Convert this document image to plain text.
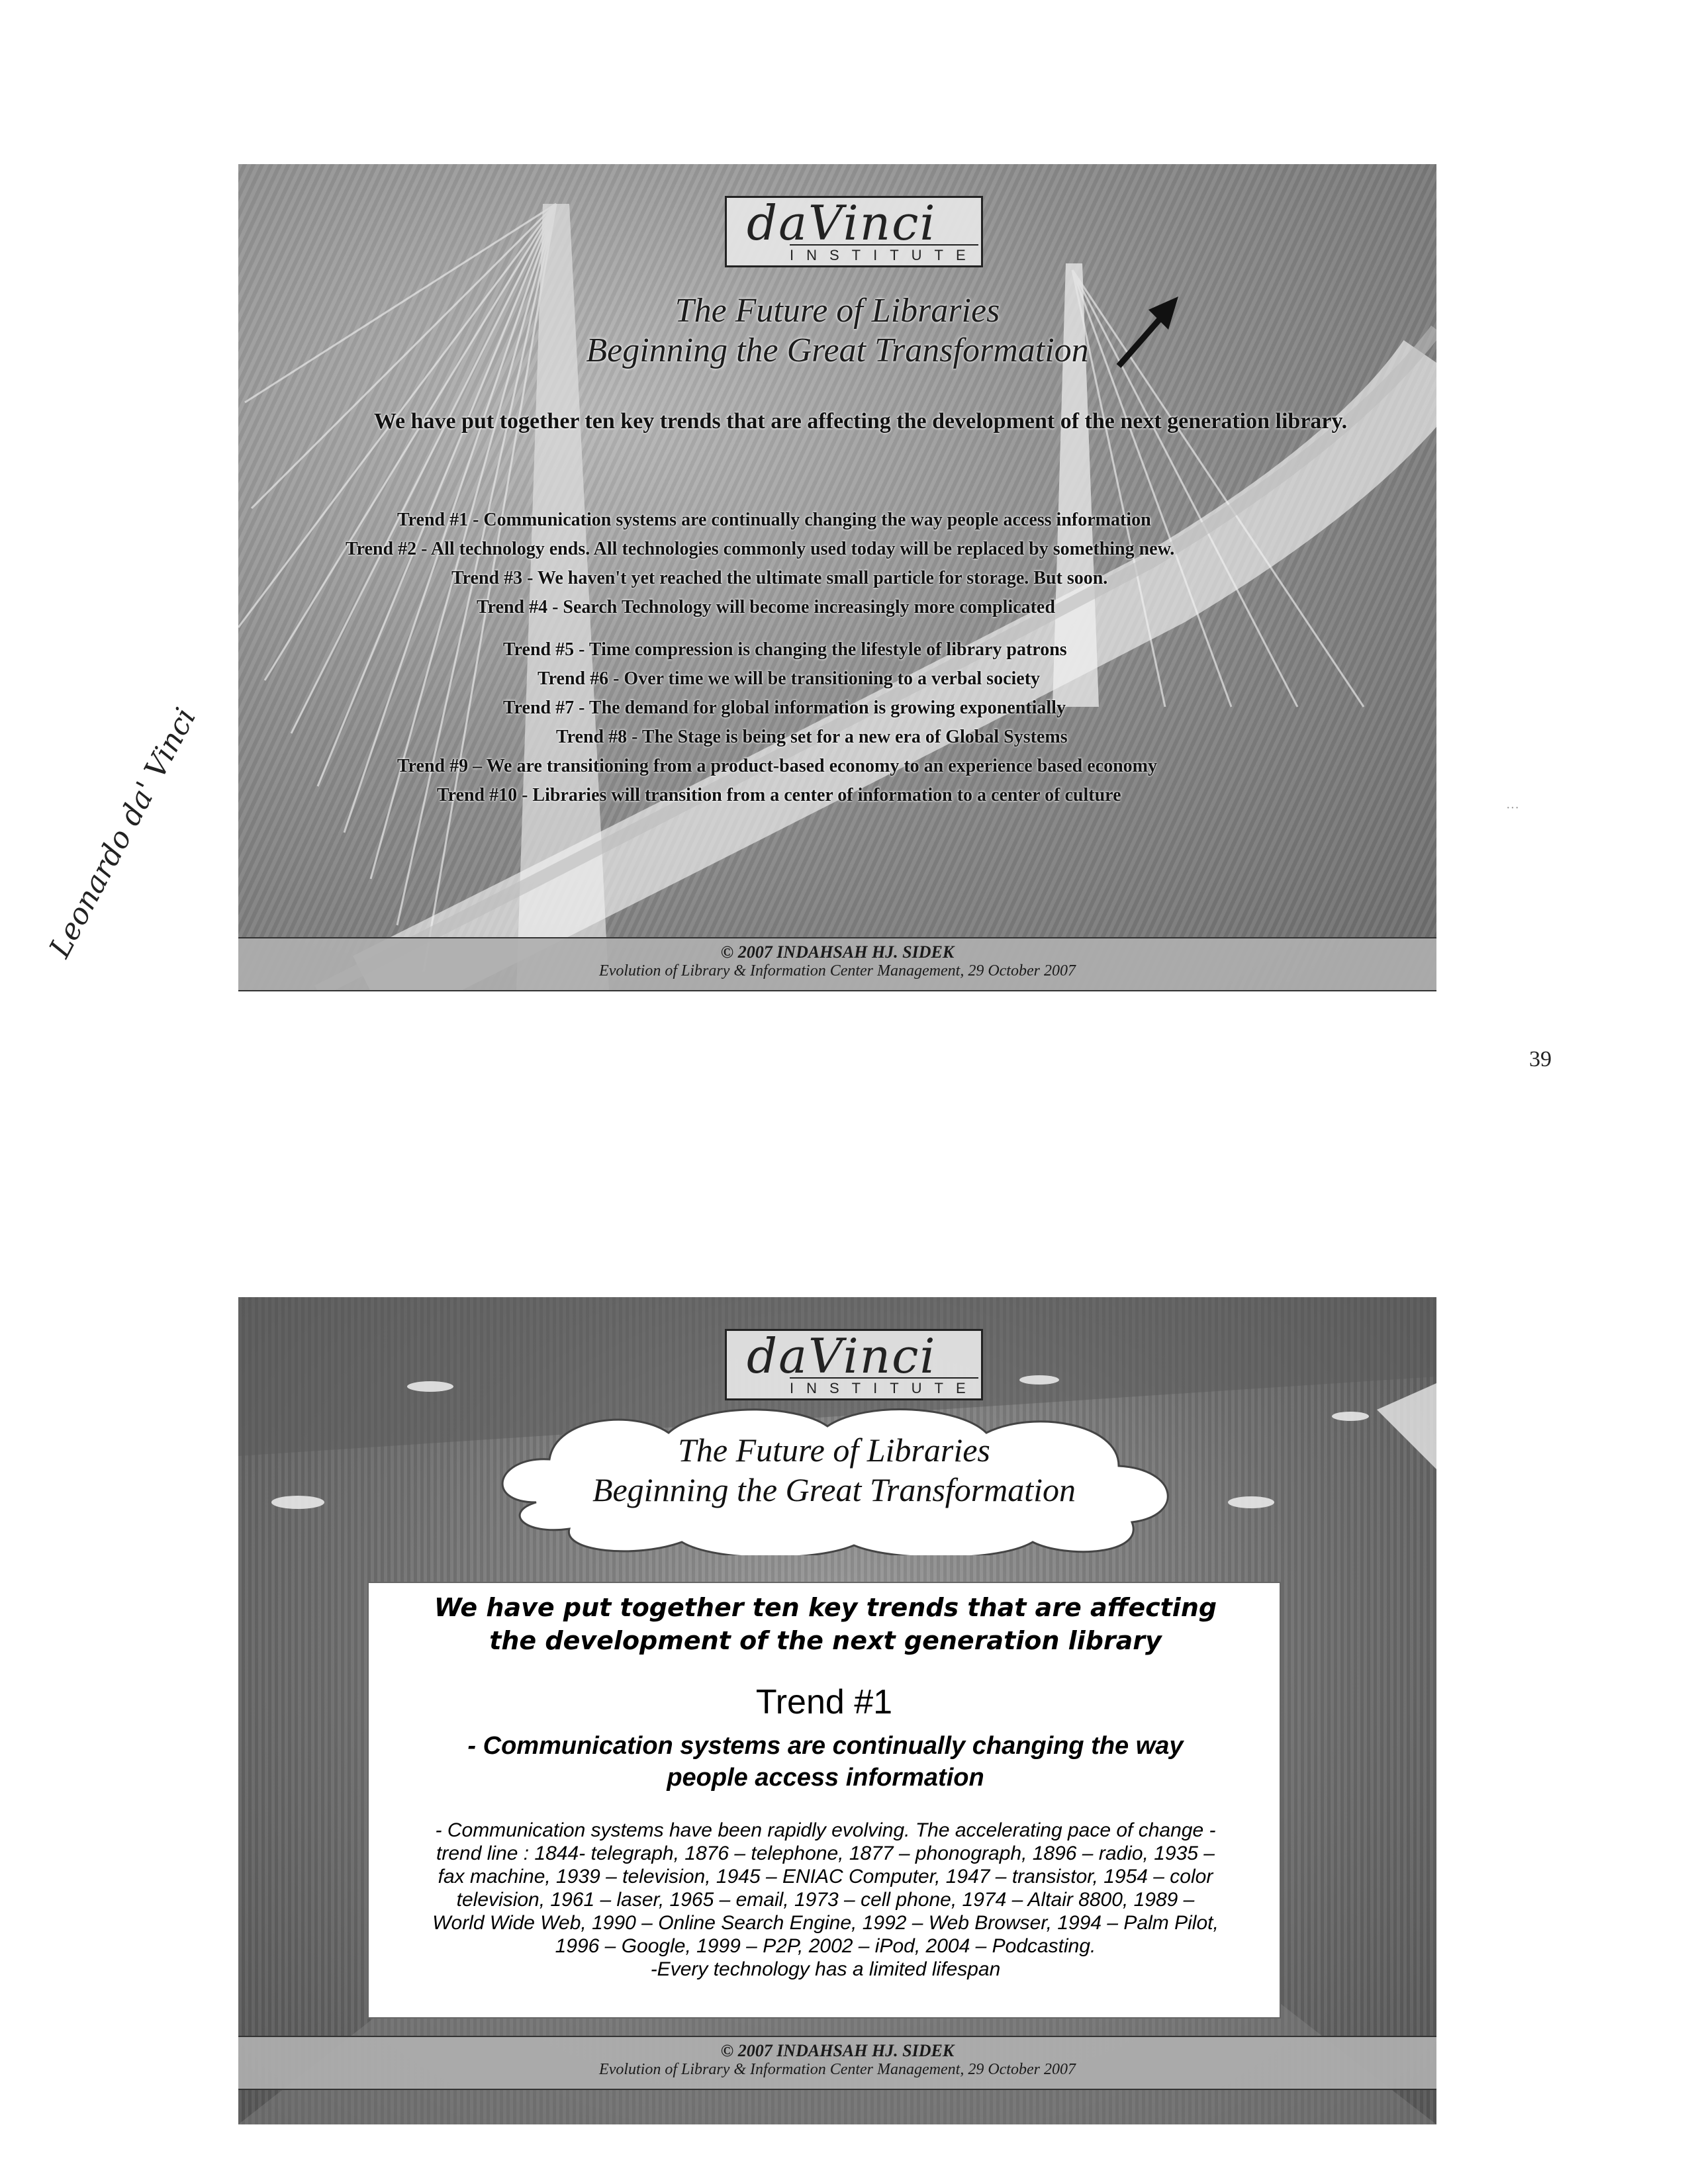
daVinci
INSTITUTE
The Future of Libraries
Beginning the Great Transformation
We have put together ten key trends that are affecting the development of the next generation library.
Trend #1 - Communication systems are continually changing the way people access information
Trend #2 - All technology ends. All technologies commonly used today will be replaced by something new.
Trend #3 - We haven't yet reached the ultimate small particle for storage. But soon.
Trend #4 - Search Technology will become increasingly more complicated
Trend #5 - Time compression is changing the lifestyle of library patrons
Trend #6 - Over time we will be transitioning to a verbal society
Trend #7 - The demand for global information is growing exponentially
Trend #8 - The Stage is being set for a new era of Global Systems
Trend #9 – We are transitioning from a product-based economy to an experience based economy
Trend #10 - Libraries will transition from a center of information to a center of culture
© 2007 INDAHSAH HJ. SIDEK
Evolution of Library & Information Center Management, 29 October 2007
Leonardo da' Vinci	···
39
daVinci
INSTITUTE
The Future of Libraries
Beginning the Great Transformation
We have put together ten key trends that are affecting
the development of the next generation library
Trend #1
- Communication systems are continually changing the way
people access information
- Communication systems have been rapidly evolving. The accelerating pace of change -
trend line : 1844- telegraph, 1876 – telephone, 1877 – phonograph, 1896 – radio, 1935 –
fax machine, 1939 – television, 1945 – ENIAC Computer, 1947 – transistor, 1954 – color
television, 1961 – laser, 1965 – email, 1973 – cell phone, 1974 – Altair 8800, 1989 –
World Wide Web, 1990 – Online Search Engine, 1992 – Web Browser, 1994 – Palm Pilot,
1996 – Google, 1999 – P2P, 2002 – iPod, 2004 – Podcasting.
-Every technology has a limited lifespan
© 2007 INDAHSAH HJ. SIDEK
Evolution of Library & Information Center Management, 29 October 2007
